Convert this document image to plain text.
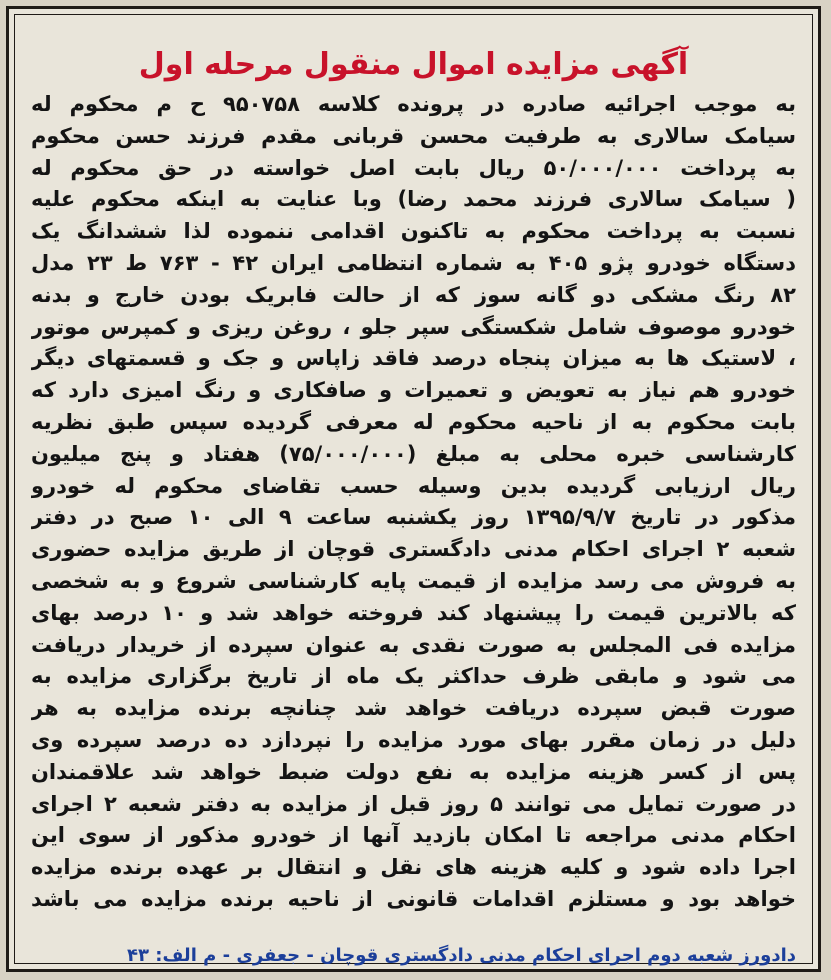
آگهی مزایده اموال منقول مرحله اول
به موجب اجرائیه صادره در پرونده کلاسه ۹۵۰۷۵۸ ح م محکوم له
سیامک سالاری به طرفیت محسن قربانی مقدم فرزند حسن محکوم
به پرداخت ۵۰/۰۰۰/۰۰۰ ریال بابت اصل خواسته در حق محکوم له
( سیامک سالاری فرزند محمد رضا) وبا عنایت به اینکه محکوم علیه
نسبت به پرداخت محکوم به تاکنون اقدامی ننموده لذا ششدانگ یک
دستگاه خودرو پژو ۴۰۵ به شماره انتظامی ایران ۴۲ - ۷۶۳ ط ۲۳ مدل
۸۲ رنگ مشکی دو گانه سوز که از حالت فابریک بودن خارج و بدنه
خودرو موصوف شامل شکستگی سپر جلو ، روغن ریزی و کمپرس موتور
، لاستیک ها به میزان پنجاه درصد فاقد زاپاس و جک و قسمتهای دیگر
خودرو هم نیاز به تعویض و تعمیرات و صافکاری و رنگ امیزی دارد که
بابت محکوم به از ناحیه محکوم له معرفی گردیده سپس طبق نظریه
کارشناسی خبره محلی به مبلغ (۷۵/۰۰۰/۰۰۰) هفتاد و پنج میلیون
ریال ارزیابی گردیده بدین وسیله حسب تقاضای محکوم له خودرو
مذکور در تاریخ ۱۳۹۵/۹/۷ روز یکشنبه ساعت ۹ الی ۱۰ صبح در دفتر
شعبه ۲ اجرای احکام مدنی دادگستری قوچان از طریق مزایده حضوری
به فروش می رسد مزایده از قیمت پایه کارشناسی شروع و به شخصی
که بالاترین قیمت را پیشنهاد کند فروخته خواهد شد و ۱۰ درصد بهای
مزایده فی المجلس به صورت نقدی به عنوان سپرده از خریدار دریافت
می شود و مابقی ظرف حداکثر یک ماه از تاریخ برگزاری مزایده به
صورت قبض سپرده دریافت خواهد شد چنانچه برنده مزایده به هر
دلیل در زمان مقرر بهای مورد مزایده را نپردازد ده درصد سپرده وی
پس از کسر هزینه مزایده به نفع دولت ضبط خواهد شد علاقمندان
در صورت تمایل می توانند ۵ روز قبل از مزایده به دفتر شعبه ۲ اجرای
احکام مدنی مراجعه تا امکان بازدید آنها از خودرو مذکور از سوی این
اجرا داده شود و کلیه هزینه های نقل و انتقال بر عهده برنده مزایده
خواهد بود و مستلزم اقدامات قانونی از ناحیه برنده مزایده می باشد
دادورز شعبه دوم اجرای احکام مدنی دادگستری قوچان - جعفری - م الف: ۴۳
